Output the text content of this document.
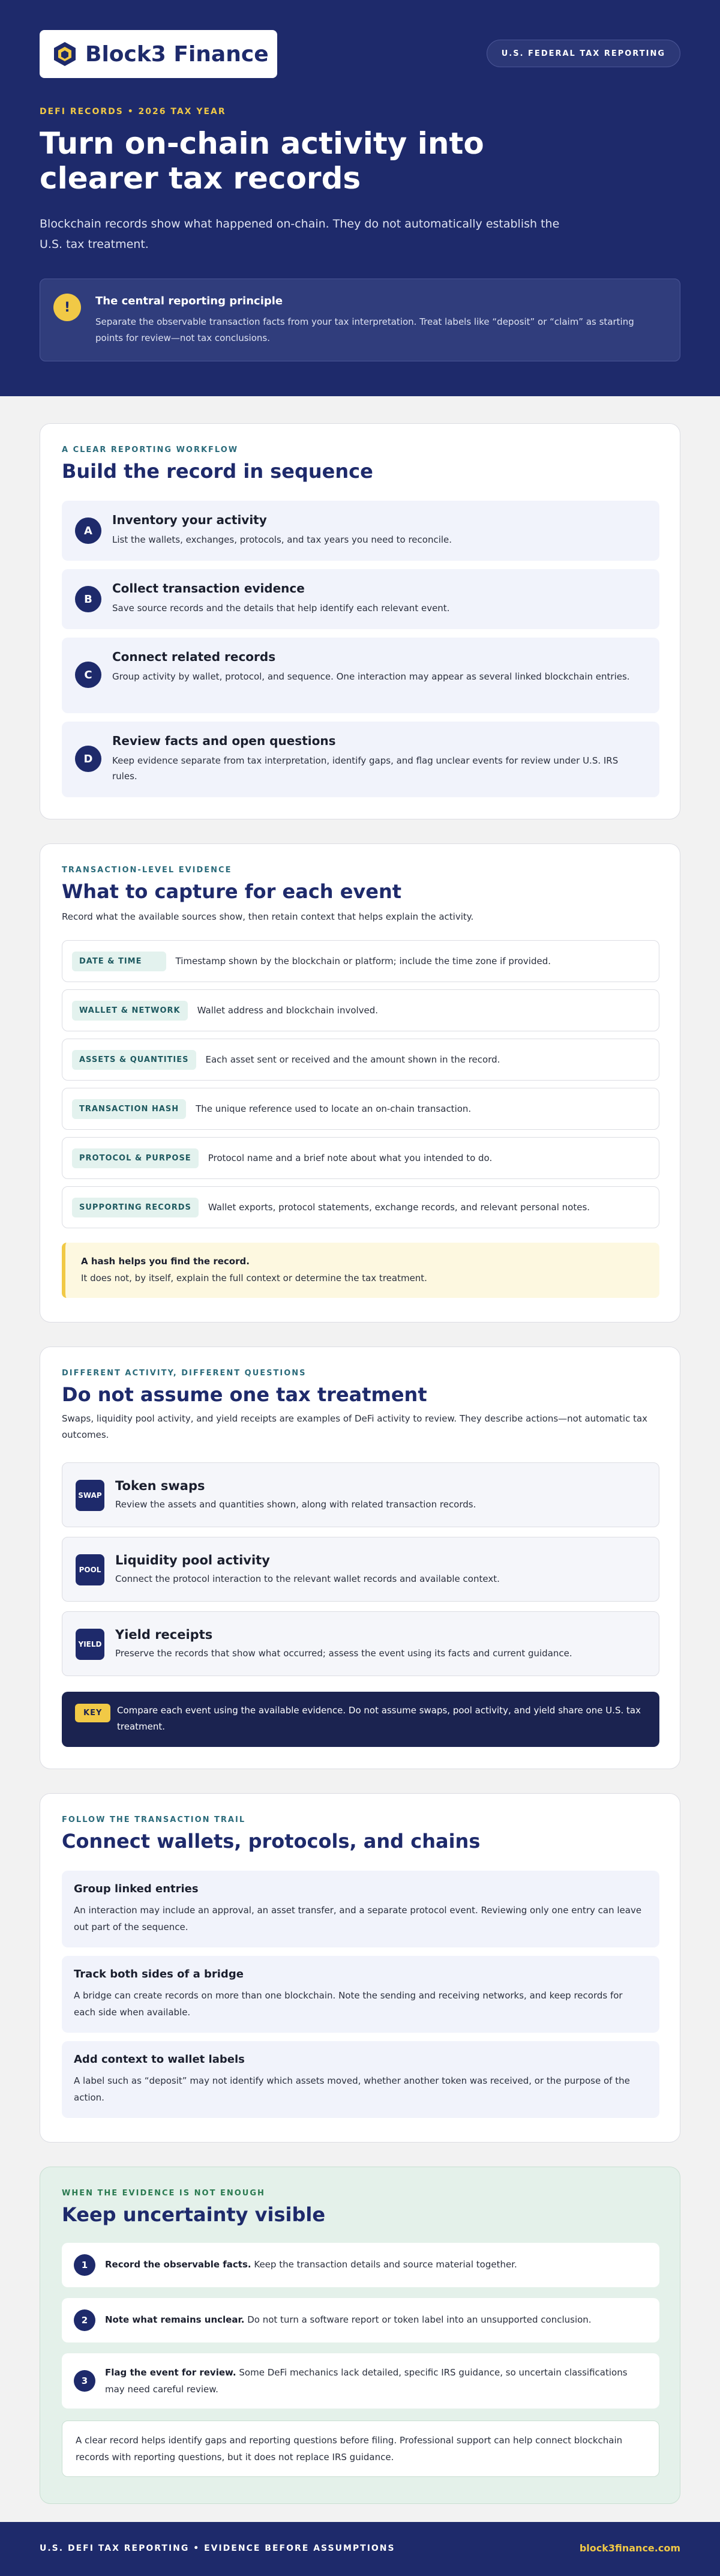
Block3 Finance	U.S. FEDERAL TAX REPORTING
DEFI RECORDS • 2026 TAX YEAR
Turn on-chain activity into clearer tax records

Blockchain records show what happened on-chain. They do not automatically establish the U.S. tax treatment.

!	The central reporting principle
Separate the observable transaction facts from your tax interpretation. Treat labels like “deposit” or “claim” as starting points for review—not tax conclusions.
A CLEAR REPORTING WORKFLOW
Build the record in sequence
A
Inventory your activity
List the wallets, exchanges, protocols, and tax years you need to reconcile.
B
Collect transaction evidence
Save source records and the details that help identify each relevant event.
C
Connect related records
Group activity by wallet, protocol, and sequence. One interaction may appear as several linked blockchain entries.
D
Review facts and open questions
Keep evidence separate from tax interpretation, identify gaps, and flag unclear events for review under U.S. IRS rules.
TRANSACTION-LEVEL EVIDENCE
What to capture for each event
Record what the available sources show, then retain context that helps explain the activity.
DATE & TIME	Timestamp shown by the blockchain or platform; include the time zone if provided.
WALLET & NETWORK	Wallet address and blockchain involved.
ASSETS & QUANTITIES	Each asset sent or received and the amount shown in the record.
TRANSACTION HASH	The unique reference used to locate an on-chain transaction.
PROTOCOL & PURPOSE	Protocol name and a brief note about what you intended to do.
SUPPORTING RECORDS	Wallet exports, protocol statements, exchange records, and relevant personal notes.
A hash helps you find the record.
It does not, by itself, explain the full context or determine the tax treatment.
DIFFERENT ACTIVITY, DIFFERENT QUESTIONS
Do not assume one tax treatment
Swaps, liquidity pool activity, and yield receipts are examples of DeFi activity to review. They describe actions—not automatic tax outcomes.
SWAP
Token swaps
Review the assets and quantities shown, along with related transaction records.
POOL
Liquidity pool activity
Connect the protocol interaction to the relevant wallet records and available context.
YIELD
Yield receipts
Preserve the records that show what occurred; assess the event using its facts and current guidance.
KEY	Compare each event using the available evidence. Do not assume swaps, pool activity, and yield share one U.S. tax treatment.
FOLLOW THE TRANSACTION TRAIL
Connect wallets, protocols, and chains
Group linked entries
An interaction may include an approval, an asset transfer, and a separate protocol event. Reviewing only one entry can leave out part of the sequence.
Track both sides of a bridge
A bridge can create records on more than one blockchain. Note the sending and receiving networks, and keep records for each side when available.
Add context to wallet labels
A label such as “deposit” may not identify which assets moved, whether another token was received, or the purpose of the action.
WHEN THE EVIDENCE IS NOT ENOUGH
Keep uncertainty visible
1	Record the observable facts. Keep the transaction details and source material together.
2	Note what remains unclear. Do not turn a software report or token label into an unsupported conclusion.
3
Flag the event for review. Some DeFi mechanics lack detailed, specific IRS guidance, so uncertain classifications may need careful review.
A clear record helps identify gaps and reporting questions before filing. Professional support can help connect blockchain records with reporting questions, but it does not replace IRS guidance.
U.S. DEFI TAX REPORTING • EVIDENCE BEFORE ASSUMPTIONS	block3finance.com
